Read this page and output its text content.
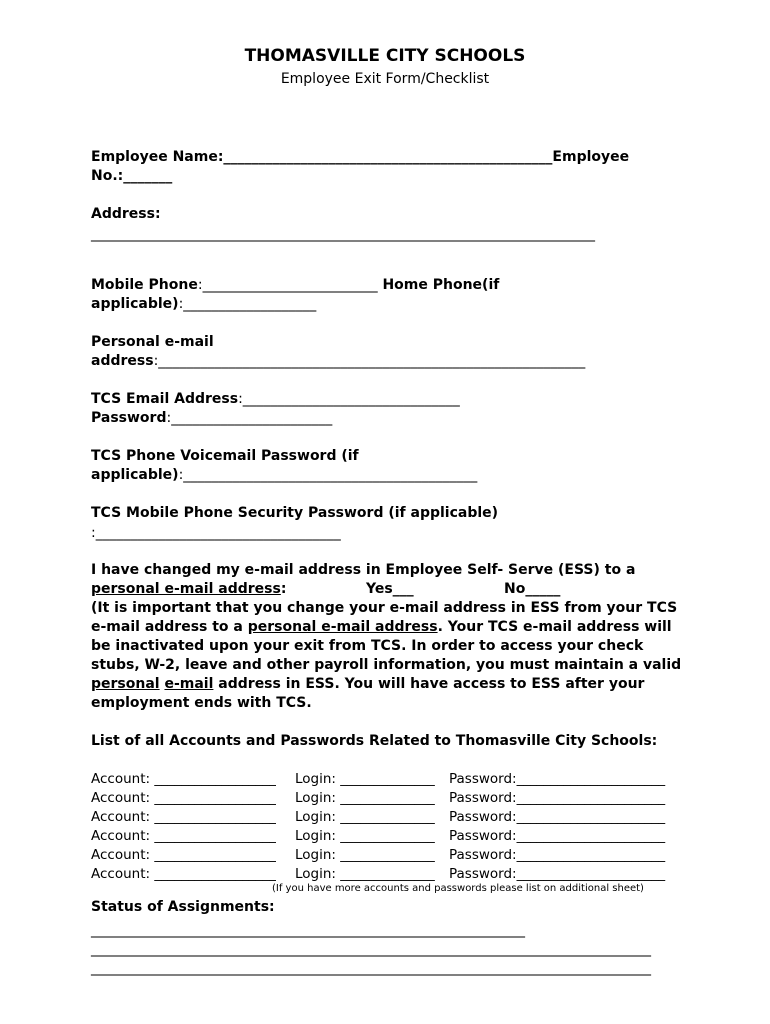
THOMASVILLE CITY SCHOOLS
Employee Exit Form/Checklist
Employee Name:_______________________________________________Employee
No.:_______
Address:
________________________________________________________________________
Mobile Phone:_________________________ Home Phone(if
applicable):___________________
Personal e-mail
address:_____________________________________________________________
TCS Email Address:_______________________________
Password:_______________________
TCS Phone Voicemail Password (if
applicable):__________________________________________
TCS Mobile Phone Security Password (if applicable)
:___________________________________
I have changed my e-mail address in Employee Self- Serve (ESS) to a
personal e-mail address:	Yes___	No_____
(It is important that you change your e-mail address in ESS from your TCS
e-mail address to a personal e-mail address. Your TCS e-mail address will
be inactivated upon your exit from TCS. In order to access your check
stubs, W-2, leave and other payroll information, you must maintain a valid
personal e-mail address in ESS. You will have access to ESS after your
employment ends with TCS.
List of all Accounts and Passwords Related to Thomasville City Schools:
Account: __________________ Login: ______________ Password:______________________
Account: __________________ Login: ______________ Password:______________________
Account: __________________ Login: ______________ Password:______________________
Account: __________________ Login: ______________ Password:______________________
Account: __________________ Login: ______________ Password:______________________
Account: __________________ Login: ______________ Password:______________________
(If you have more accounts and passwords please list on additional sheet)
Status of Assignments:
______________________________________________________________
________________________________________________________________________________
________________________________________________________________________________
